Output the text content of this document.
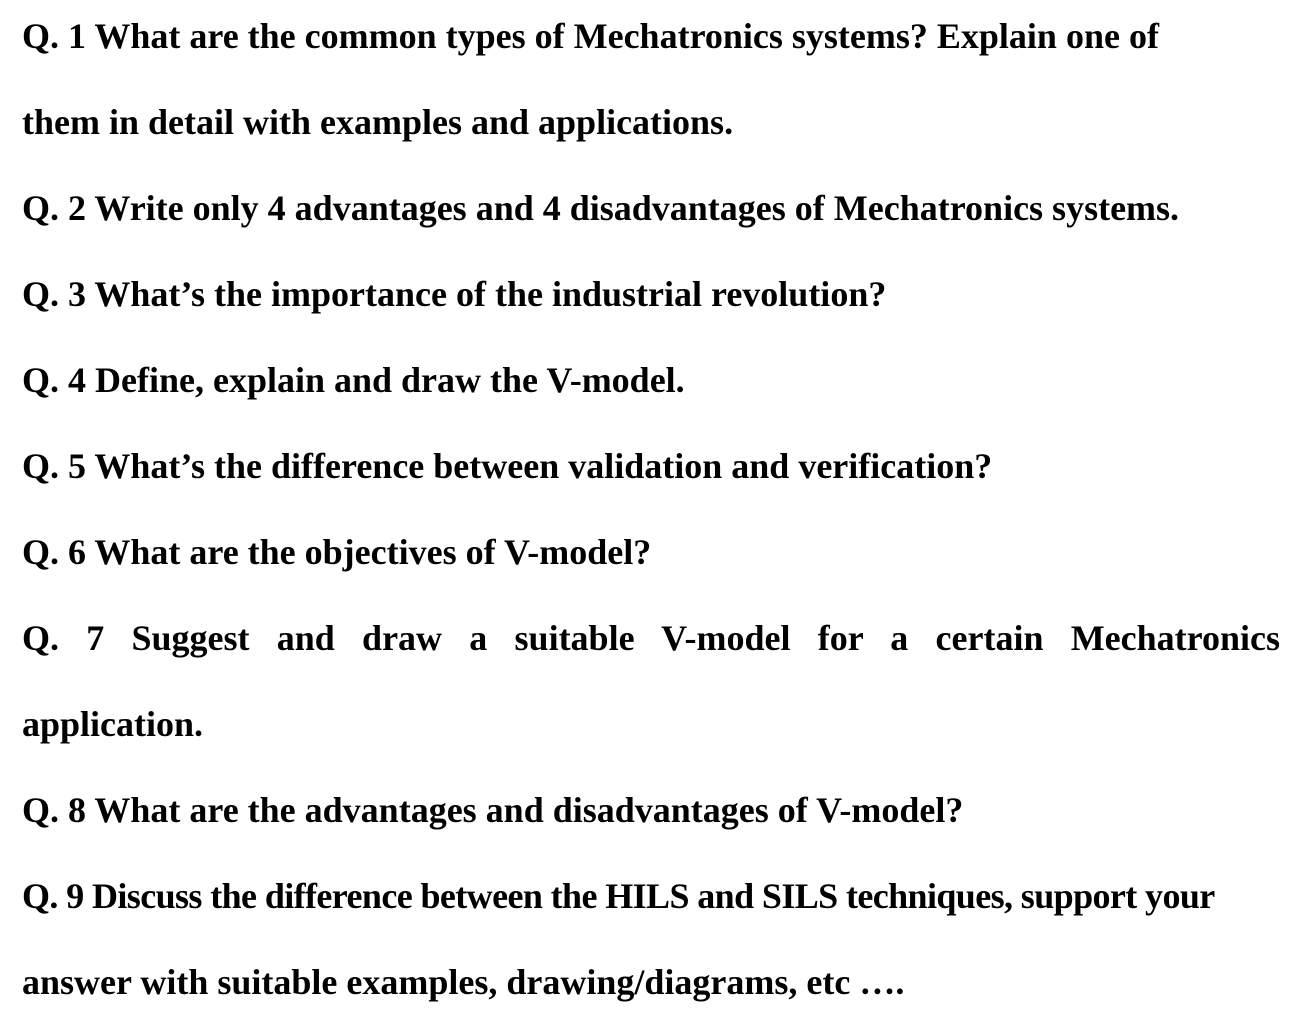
Q. 1 What are the common types of Mechatronics systems? Explain one of

them in detail with examples and applications.

Q. 2 Write only 4 advantages and 4 disadvantages of Mechatronics systems.

Q. 3 What’s the importance of the industrial revolution?

Q. 4 Define, explain and draw the V-model.

Q. 5 What’s the difference between validation and verification?

Q. 6 What are the objectives of V-model?

Q. 7 Suggest and draw a suitable V-model for a certain Mechatronics

application.

Q. 8 What are the advantages and disadvantages of V-model?

Q. 9 Discuss the difference between the HILS and SILS techniques, support your

answer with suitable examples, drawing/diagrams, etc ….
